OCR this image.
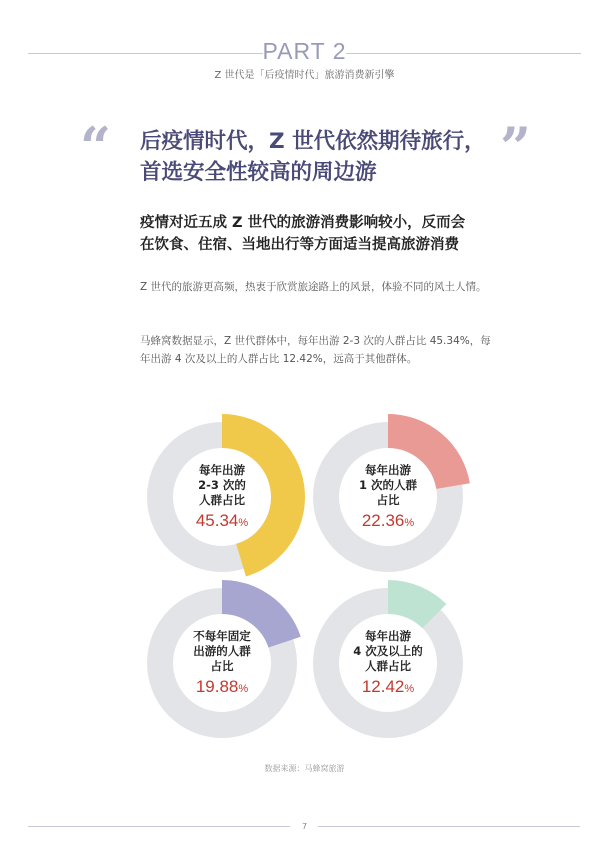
PART 2
Z 世代是「后疫情时代」旅游消费新引擎
“	”
后疫情时代，Z 世代依然期待旅行，
首选安全性较高的周边游
疫情对近五成 Z 世代的旅游消费影响较小，反而会
在饮食、住宿、当地出行等方面适当提高旅游消费
Z 世代的旅游更高频，热衷于欣赏旅途路上的风景，体验不同的风土人情。
马蜂窝数据显示，Z 世代群体中，每年出游 2-3 次的人群占比 45.34%，每年出游 4 次及以上的人群占比 12.42%，远高于其他群体。
每年出游
2-3 次的
人群占比
45.34%
每年出游
1 次的人群
占比
22.36%
不每年固定
出游的人群
占比
19.88%
每年出游
4 次及以上的
人群占比
12.42%
数据来源：马蜂窝旅游
7
